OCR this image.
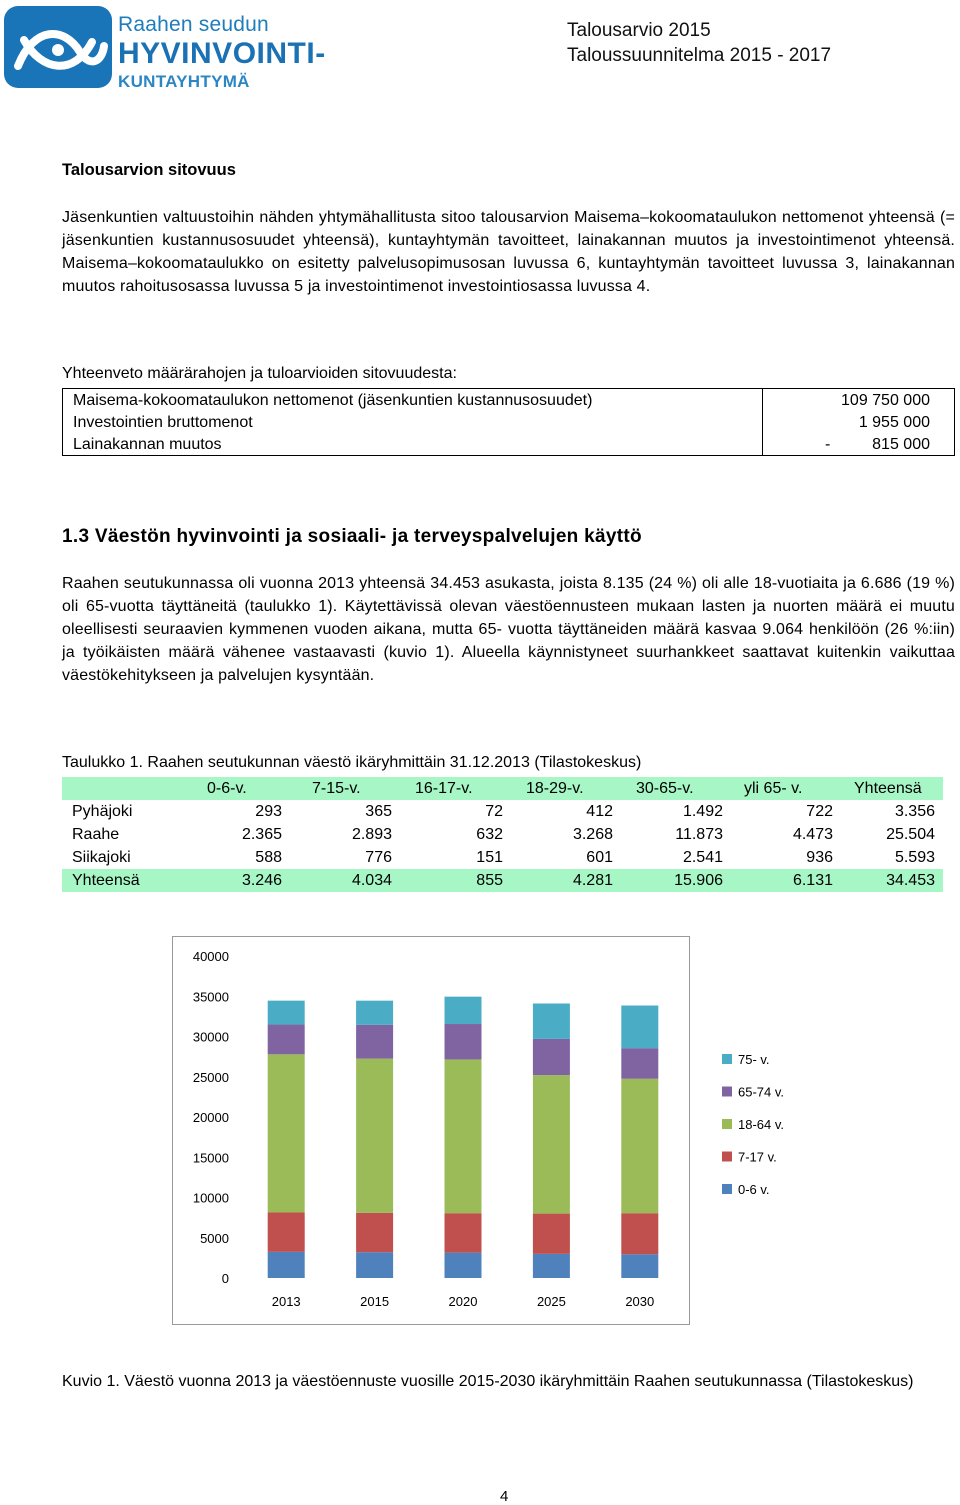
Raahen seudun
HYVINVOINTI-
KUNTAYHTYMÄ
Talousarvio 2015
Taloussuunnitelma 2015 - 2017
Talousarvion sitovuus
Jäsenkuntien valtuustoihin nähden yhtymähallitusta sitoo talousarvion Maisema–kokoomataulukon nettomenot yhteensä (= jäsenkuntien kustannusosuudet yhteensä), kuntayhtymän tavoitteet, lainakannan muutos ja investointimenot yhteensä. Maisema–kokoomataulukko on esitetty palvelusopimusosan luvussa 6, kuntayhtymän tavoitteet luvussa 3, lainakannan muutos rahoitusosassa luvussa 5 ja investointimenot investointiosassa luvussa 4.
Yhteenveto määrärahojen ja tuloarvioiden sitovuudesta:
Maisema-kokoomataulukon nettomenot (jäsenkuntien kustannusosuudet)	109 750 000
Investointien bruttomenot	1 955 000
Lainakannan muutos	-	815 000
1.3 Väestön hyvinvointi ja sosiaali- ja terveyspalvelujen käyttö
Raahen seutukunnassa oli vuonna 2013 yhteensä 34.453 asukasta, joista 8.135 (24 %) oli alle 18-vuotiaita ja 6.686 (19 %) oli 65-vuotta täyttäneitä (taulukko 1). Käytettävissä olevan väestöennusteen mukaan lasten ja nuorten määrä ei muutu oleellisesti seuraavien kymmenen vuoden aikana, mutta 65- vuotta täyttäneiden määrä kasvaa 9.064 henkilöön (26 %:iin) ja työikäisten määrä vähenee vastaavasti (kuvio 1). Alueella käynnistyneet suurhankkeet saattavat kuitenkin vaikuttaa väestökehitykseen ja palvelujen kysyntään.
Taulukko 1. Raahen seutukunnan väestö ikäryhmittäin 31.12.2013 (Tilastokeskus)
0-6-v.	7-15-v.	16-17-v.	18-29-v.	30-65-v.	yli 65- v.	Yhteensä
Pyhäjoki	293	365	72	412	1.492	722	3.356
Raahe	2.365	2.893	632	3.268	11.873	4.473	25.504
Siikajoki	588	776	151	601	2.541	936	5.593
Yhteensä	3.246	4.034	855	4.281	15.906	6.131	34.453
0
5000
10000
15000
20000
25000
30000
35000
40000
2013	2015	2020	2025	2030
75- v.
65-74 v.
18-64 v.
7-17 v.
0-6 v.
Kuvio 1. Väestö vuonna 2013 ja väestöennuste vuosille 2015-2030 ikäryhmittäin Raahen seutukunnassa (Tilastokeskus)
4
